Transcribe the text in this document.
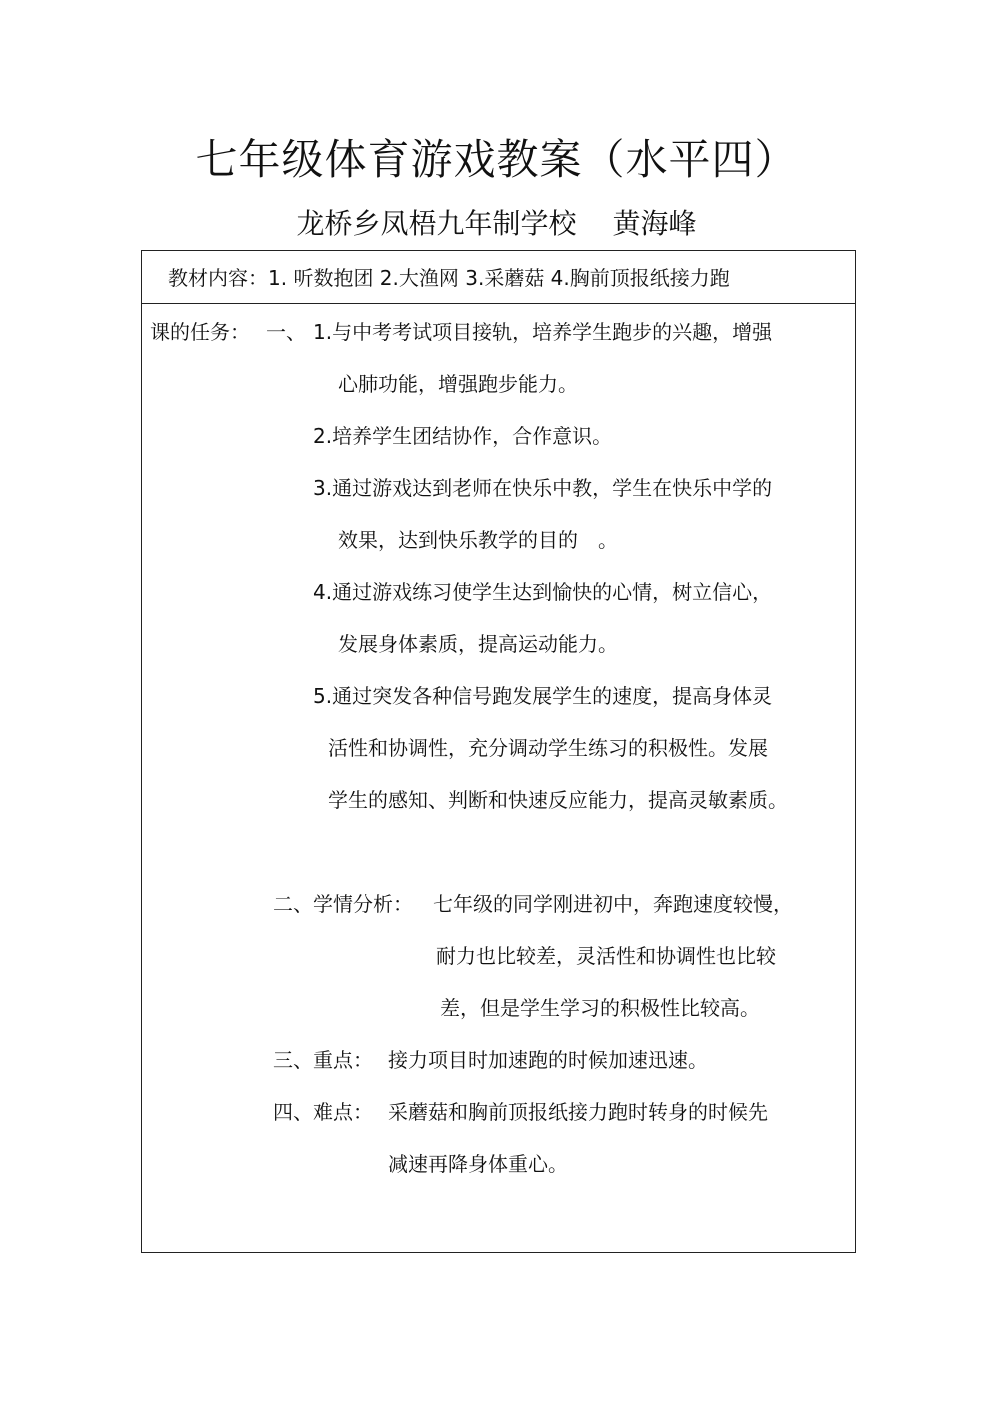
七年级体育游戏教案（水平四）
龙桥乡凤梧九年制学校 黄海峰
教材内容：1. 听数抱团 2.大渔网 3.采蘑菇 4.胸前顶报纸接力跑
课的任务： 一、 1.与中考考试项目接轨，培养学生跑步的兴趣，增强
心肺功能，增强跑步能力。
2.培养学生团结协作，合作意识。
3.通过游戏达到老师在快乐中教，学生在快乐中学的
效果，达到快乐教学的目的　。
4.通过游戏练习使学生达到愉快的心情，树立信心，
发展身体素质，提高运动能力。
5.通过突发各种信号跑发展学生的速度，提高身体灵
活性和协调性，充分调动学生练习的积极性。发展
学生的感知、判断和快速反应能力，提高灵敏素质。
二、学情分析： 七年级的同学刚进初中，奔跑速度较慢，
耐力也比较差，灵活性和协调性也比较
差，但是学生学习的积极性比较高。
三、重点： 接力项目时加速跑的时候加速迅速。
四、难点： 采蘑菇和胸前顶报纸接力跑时转身的时候先
减速再降身体重心。
